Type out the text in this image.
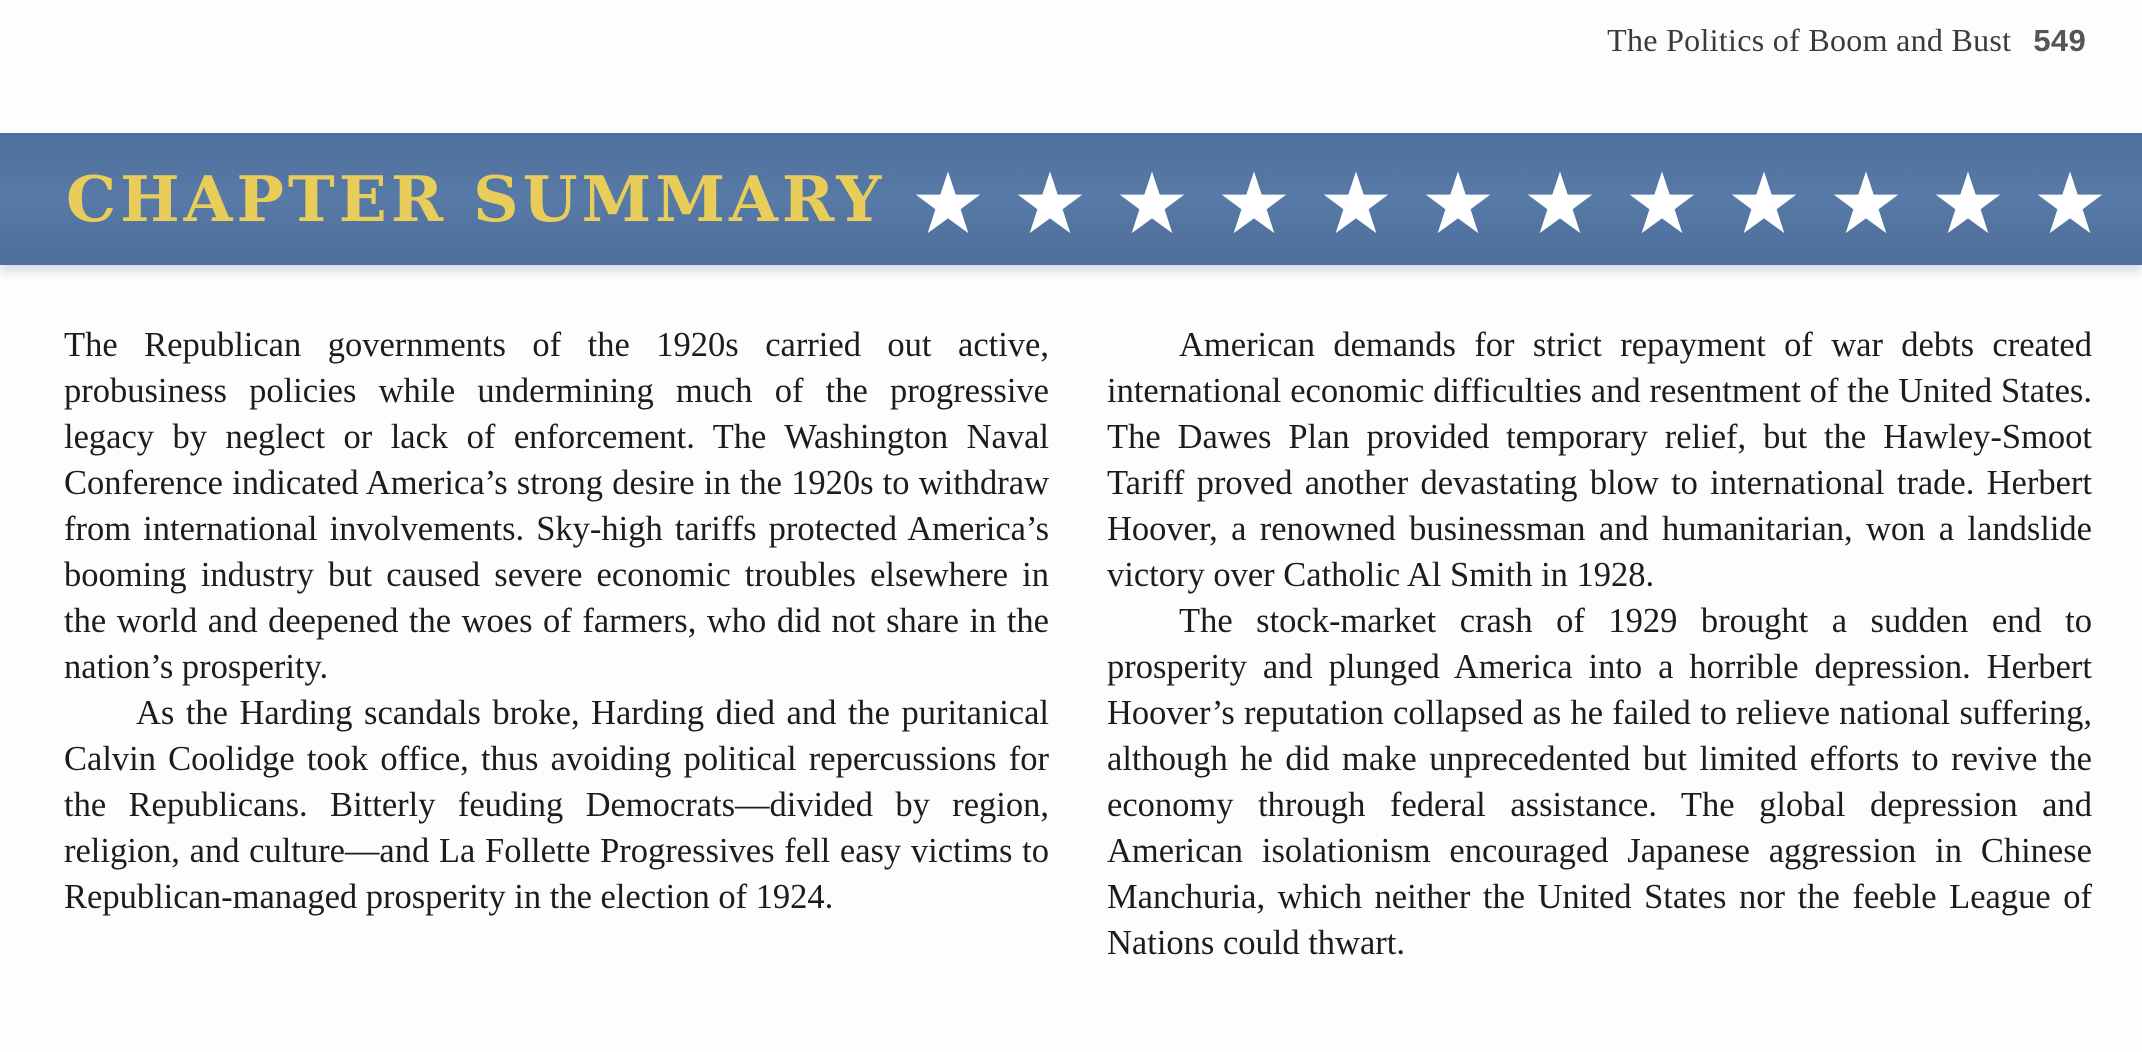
The Politics of Boom and Bust 549
CHAPTER SUMMARY

The Republican governments of the 1920s carried out active, probusiness policies while undermining much of the progressive legacy by neglect or lack of enforcement. The Washington Naval Conference indicated America’s strong desire in the 1920s to withdraw from international involvements. Sky-high tariffs protected America’s booming industry but caused severe economic troubles elsewhere in the world and deepened the woes of farmers, who did not share in the nation’s prosperity.

As the Harding scandals broke, Harding died and the puritanical Calvin Coolidge took office, thus avoiding political repercussions for the Republicans. Bitterly feuding Democrats—divided by region, religion, and culture—and La Follette Progressives fell easy victims to Republican-managed prosperity in the election of 1924.

American demands for strict repayment of war debts created international economic difficulties and resentment of the United States. The Dawes Plan provided temporary relief, but the Hawley-Smoot Tariff proved another devastating blow to international trade. Herbert Hoover, a renowned businessman and humanitarian, won a landslide victory over Catholic Al Smith in 1928.

The stock-market crash of 1929 brought a sudden end to prosperity and plunged America into a horrible depression. Herbert Hoover’s reputation collapsed as he failed to relieve national suffering, although he did make unprecedented but limited efforts to revive the economy through federal assistance. The global depression and American isolationism encouraged Japanese aggression in Chinese Manchuria, which neither the United States nor the feeble League of Nations could thwart.
